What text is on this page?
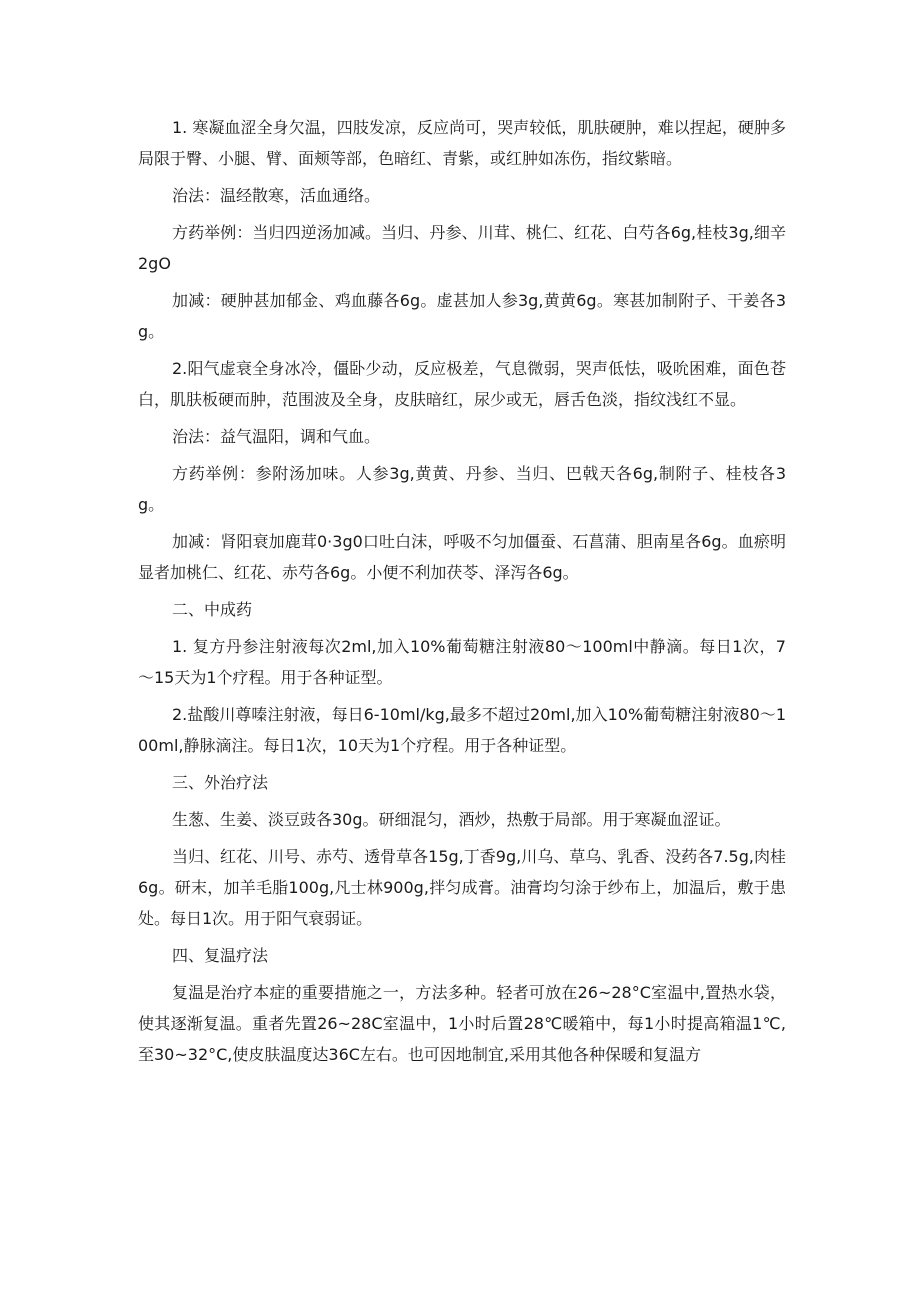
1. 寒凝血涩全身欠温，四肢发凉，反应尚可，哭声较低，肌肤硬肿，难以捏起，硬肿多局限于臀、小腿、臂、面颊等部，色暗红、青紫，或红肿如冻伤，指纹紫暗。

治法：温经散寒，活血通络。

方药举例：当归四逆汤加减。当归、丹参、川茸、桃仁、红花、白芍各6g,桂枝3g,细辛2gO

加减：硬肿甚加郁金、鸡血藤各6g。虚甚加人参3g,黄黄6g。寒甚加制附子、干姜各3g。

2.阳气虚衰全身冰冷，僵卧少动，反应极差，气息微弱，哭声低怯，吸吮困难，面色苍白，肌肤板硬而肿，范围波及全身，皮肤暗红，尿少或无，唇舌色淡，指纹浅红不显。

治法：益气温阳，调和气血。

方药举例：参附汤加味。人参3g,黄黄、丹参、当归、巴戟天各6g,制附子、桂枝各3g。

加减：肾阳衰加鹿茸0·3g0口吐白沫，呼吸不匀加僵蚕、石菖蒲、胆南星各6g。血瘀明显者加桃仁、红花、赤芍各6g。小便不利加茯苓、泽泻各6g。

二、中成药

1. 复方丹参注射液每次2ml,加入10%葡萄糖注射液80～100ml中静滴。每日1次，7～15天为1个疗程。用于各种证型。

2.盐酸川尊嗪注射液，每日6-10ml/kg,最多不超过20ml,加入10%葡萄糖注射液80～100ml,静脉滴注。每日1次，10天为1个疗程。用于各种证型。

三、外治疗法

生葱、生姜、淡豆豉各30g。研细混匀，酒炒，热敷于局部。用于寒凝血涩证。

当归、红花、川号、赤芍、透骨草各15g,丁香9g,川乌、草乌、乳香、没药各7.5g,肉桂6g。研末，加羊毛脂100g,凡士林900g,拌匀成膏。油膏均匀涂于纱布上，加温后，敷于患处。每日1次。用于阳气衰弱证。

四、复温疗法

复温是治疗本症的重要措施之一，方法多种。轻者可放在26~28°C室温中,置热水袋，使其逐渐复温。重者先置26~28C室温中，1小时后置28℃暖箱中，每1小时提高箱温1℃,至30~32°C,使皮肤温度达36C左右。也可因地制宜,采用其他各种保暖和复温方
